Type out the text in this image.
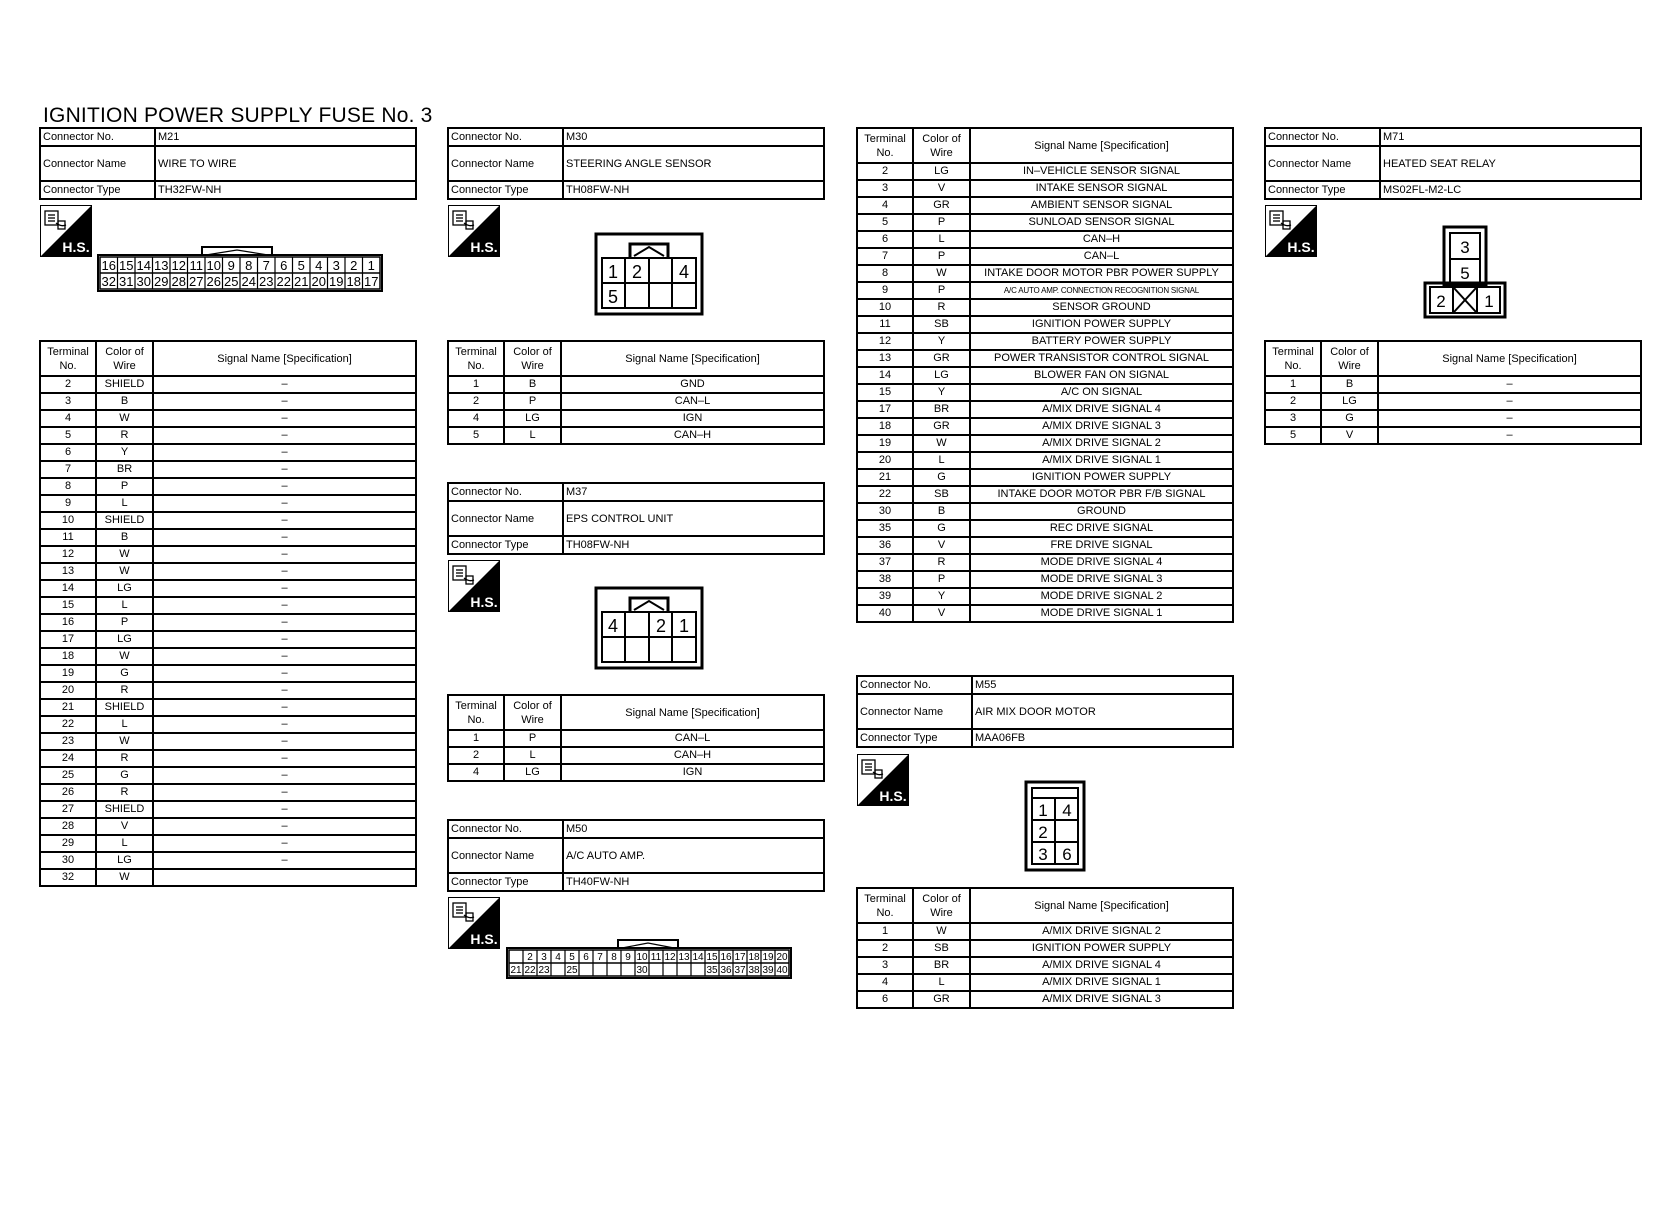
IGNITION POWER SUPPLY FUSE No. 3
Connector No.	M21
Connector Name	WIRE TO WIRE
Connector Type	TH32FW-NH
H.S.
16 15 14 13 12 11 10 9 8 7 6 5 4 3 2 1
32 31 30 29 28 27 26 25 24 23 22 21 20 19 18 17
Terminal No.	Color of Wire	Signal Name [Specification]
2	SHIELD	–
3	B	–
4	W	–
5	R	–
6	Y	–
7	BR	–
8	P	–
9	L	–
10	SHIELD	–
11	B	–
12	W	–
13	W	–
14	LG	–
15	L	–
16	P	–
17	LG	–
18	W	–
19	G	–
20	R	–
21	SHIELD	–
22	L	–
23	W	–
24	R	–
25	G	–
26	R	–
27	SHIELD	–
28	V	–
29	L	–
30	LG	–
32	W	
Connector No.	M30
Connector Name	STEERING ANGLE SENSOR
Connector Type	TH08FW-NH
H.S.
1 2 4
5
Terminal No.	Color of Wire	Signal Name [Specification]
1	B	GND
2	P	CAN–L
4	LG	IGN
5	L	CAN–H
Connector No.	M37
Connector Name	EPS CONTROL UNIT
Connector Type	TH08FW-NH
H.S.
4 2 1
Terminal No.	Color of Wire	Signal Name [Specification]
1	P	CAN–L
2	L	CAN–H
4	LG	IGN
Connector No.	M50
Connector Name	A/C AUTO AMP.
Connector Type	TH40FW-NH
H.S.
2 3 4 5 6 7 8 9 10 11 12 13 14 15 16 17 18 19 20
21 22 23 25	30	35 36 37 38 39 40
Terminal No.	Color of Wire	Signal Name [Specification]
2	LG	IN–VEHICLE SENSOR SIGNAL
3	V	INTAKE SENSOR SIGNAL
4	GR	AMBIENT SENSOR SIGNAL
5	P	SUNLOAD SENSOR SIGNAL
6	L	CAN–H
7	P	CAN–L
8	W	INTAKE DOOR MOTOR PBR POWER SUPPLY
9	P	A/C AUTO AMP. CONNECTION RECOGNITION SIGNAL
10	R	SENSOR GROUND
11	SB	IGNITION POWER SUPPLY
12	Y	BATTERY POWER SUPPLY
13	GR	POWER TRANSISTOR CONTROL SIGNAL
14	LG	BLOWER FAN ON SIGNAL
15	Y	A/C ON SIGNAL
17	BR	A/MIX DRIVE SIGNAL 4
18	GR	A/MIX DRIVE SIGNAL 3
19	W	A/MIX DRIVE SIGNAL 2
20	L	A/MIX DRIVE SIGNAL 1
21	G	IGNITION POWER SUPPLY
22	SB	INTAKE DOOR MOTOR PBR F/B SIGNAL
30	B	GROUND
35	G	REC DRIVE SIGNAL
36	V	FRE DRIVE SIGNAL
37	R	MODE DRIVE SIGNAL 4
38	P	MODE DRIVE SIGNAL 3
39	Y	MODE DRIVE SIGNAL 2
40	V	MODE DRIVE SIGNAL 1
Connector No.	M55
Connector Name	AIR MIX DOOR MOTOR
Connector Type	MAA06FB
H.S.
1 4
2
3 6
Terminal No.	Color of Wire	Signal Name [Specification]
1	W	A/MIX DRIVE SIGNAL 2
2	SB	IGNITION POWER SUPPLY
3	BR	A/MIX DRIVE SIGNAL 4
4	L	A/MIX DRIVE SIGNAL 1
6	GR	A/MIX DRIVE SIGNAL 3
Connector No.	M71
Connector Name	HEATED SEAT RELAY
Connector Type	MS02FL-M2-LC
H.S.	3
5
2 1
Terminal No.	Color of Wire	Signal Name [Specification]
1	B	–
2	LG	–
3	G	–
5	V	–
